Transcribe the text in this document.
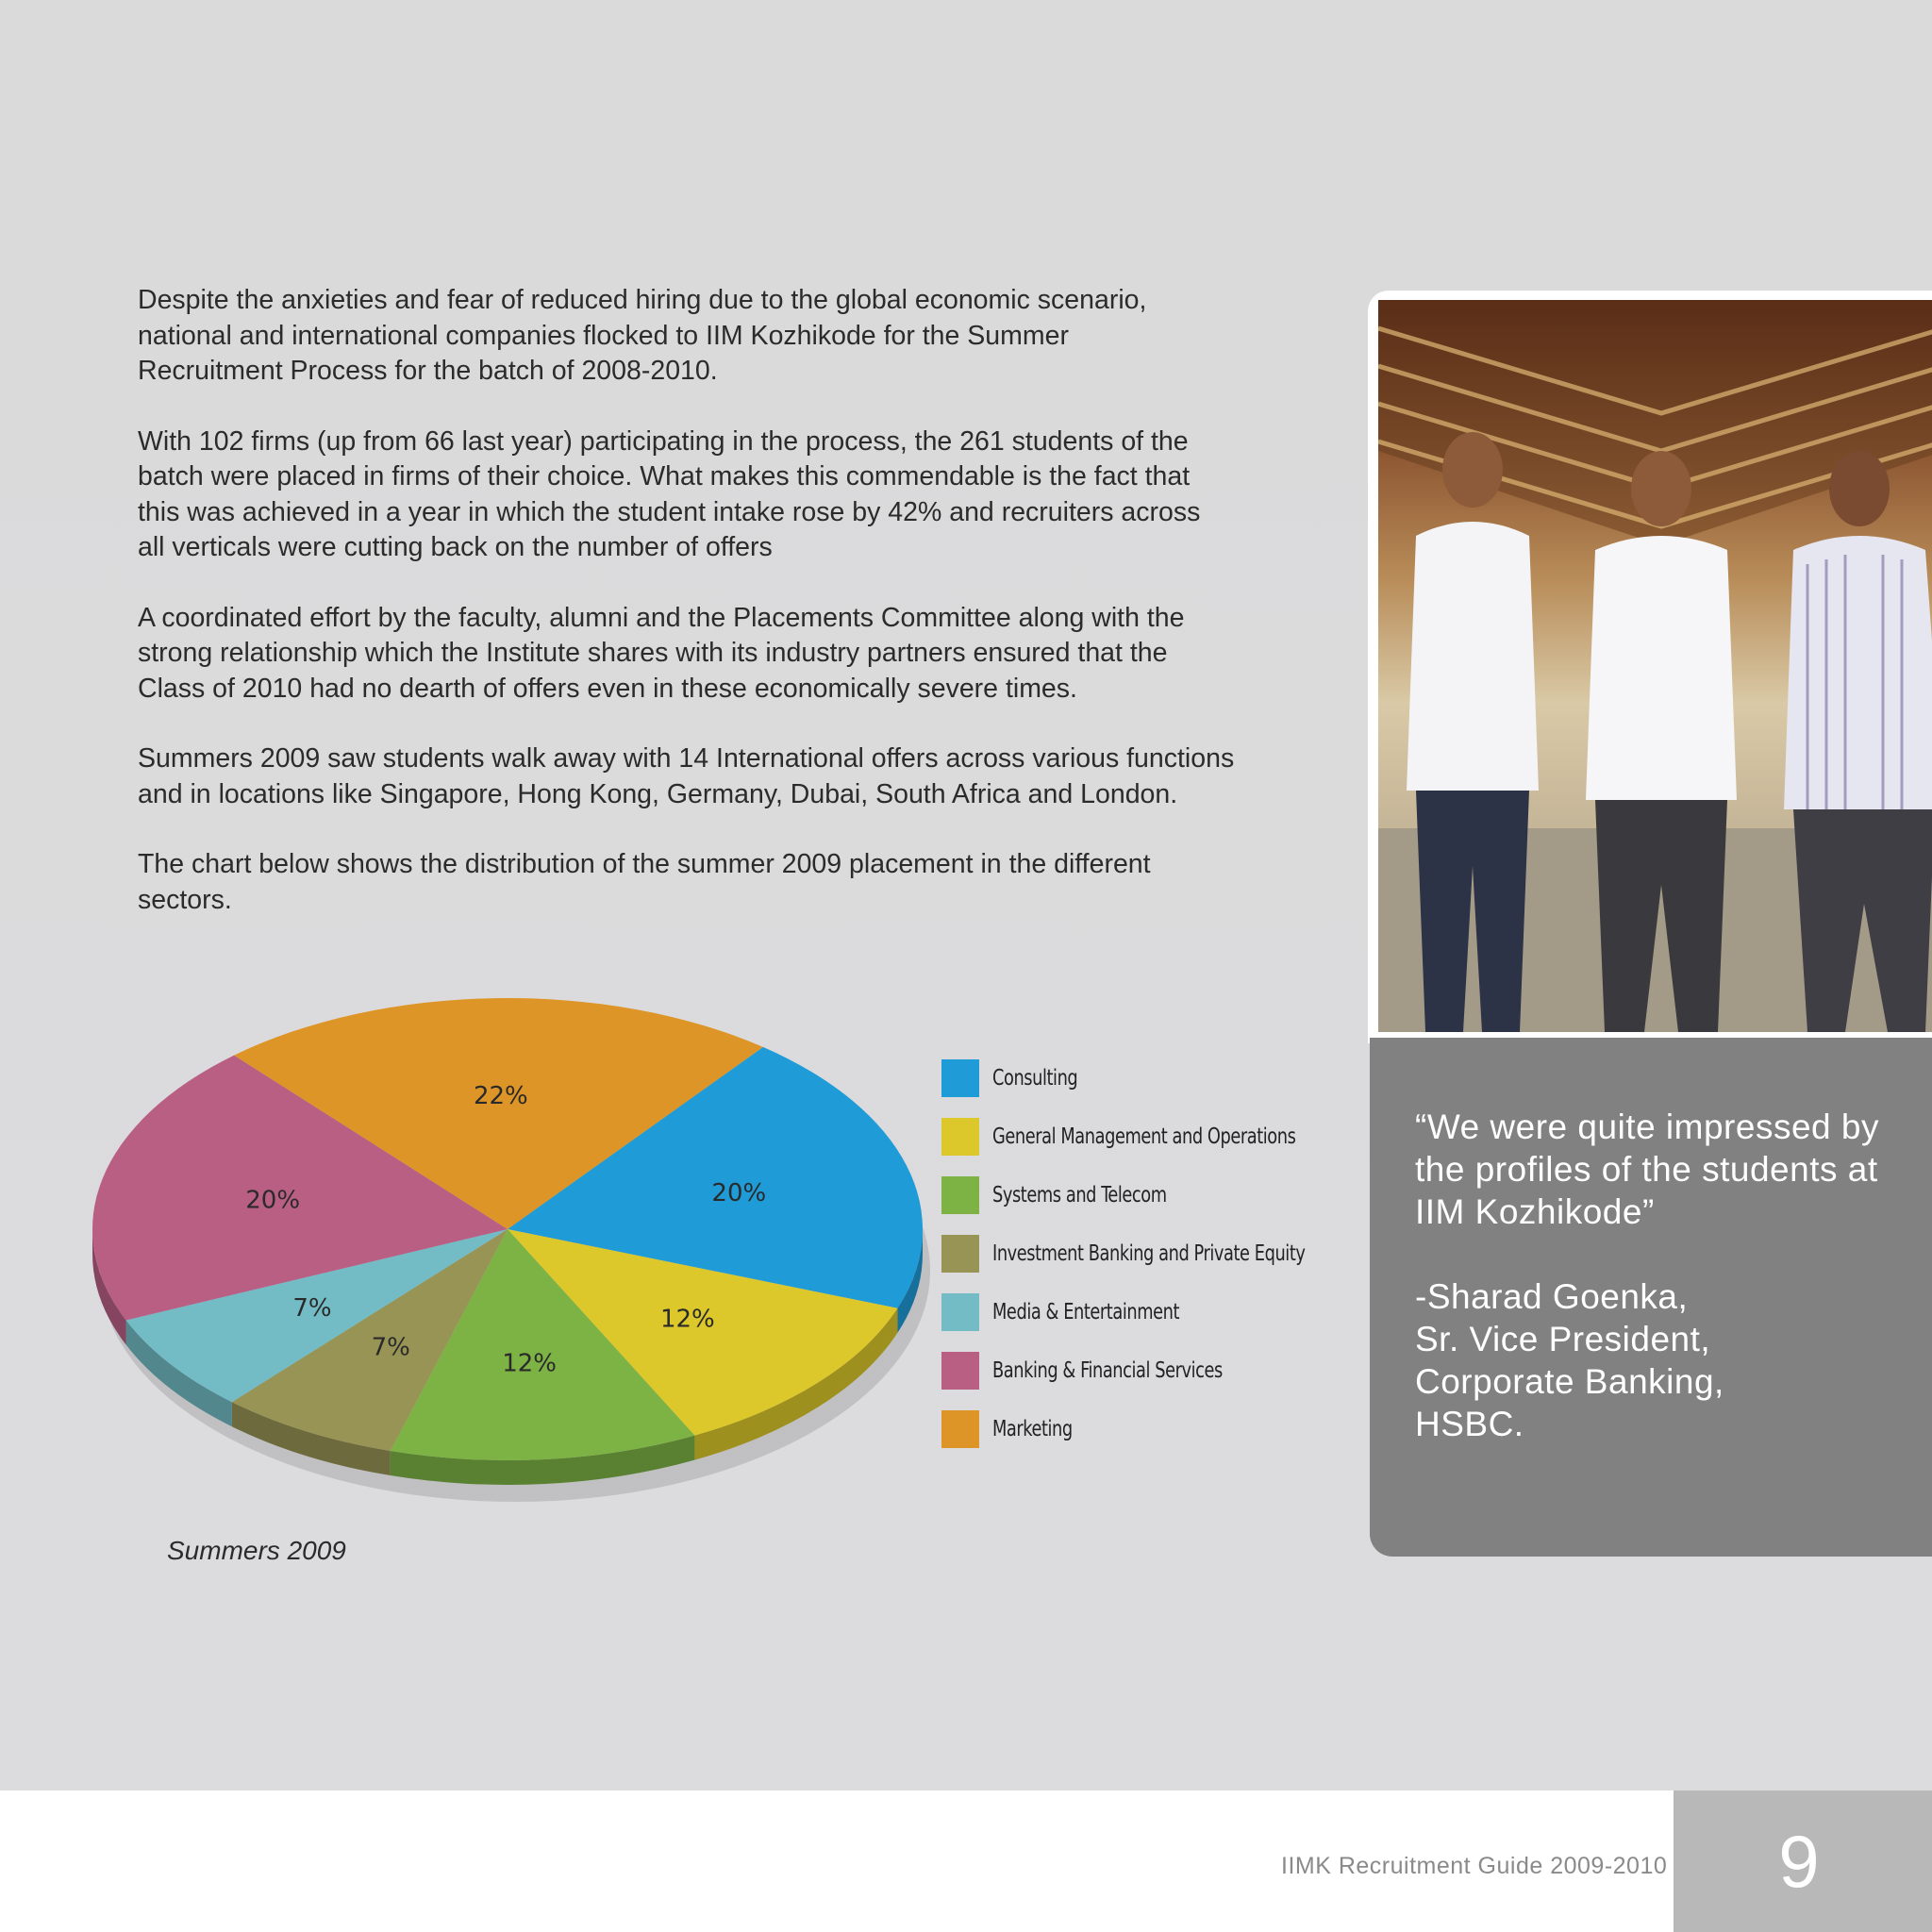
Despite the anxieties and fear of reduced hiring due to the global economic scenario,
national and international companies flocked to IIM Kozhikode for the Summer
Recruitment Process for the batch of 2008-2010.

With 102 firms (up from 66 last year) participating in the process, the 261 students of the
batch were placed in firms of their choice. What makes this commendable is the fact that
this was achieved in a year in which the student intake rose by 42% and recruiters across
all verticals were cutting back on the number of offers

A coordinated effort by the faculty, alumni and the Placements Committee along with the
strong relationship which the Institute shares with its industry partners ensured that the
Class of 2010 had no dearth of offers even in these economically severe times.

Summers 2009 saw students walk away with 14 International offers across various functions
and in locations like Singapore, Hong Kong, Germany, Dubai, South Africa and London.

The chart below shows the distribution of the summer 2009 placement in the different
sectors.

20%
12%
12%
7%
7%
20%
22%
Consulting
General Management and Operations
Systems and Telecom
Investment Banking and Private Equity
Media & Entertainment
Banking & Financial Services
Marketing
Summers 2009

“We were quite impressed by
the profiles of the students at
IIM Kozhikode”

-Sharad Goenka,
Sr. Vice President,
Corporate Banking,
HSBC.

IIMK Recruitment Guide 2009-2010	9
